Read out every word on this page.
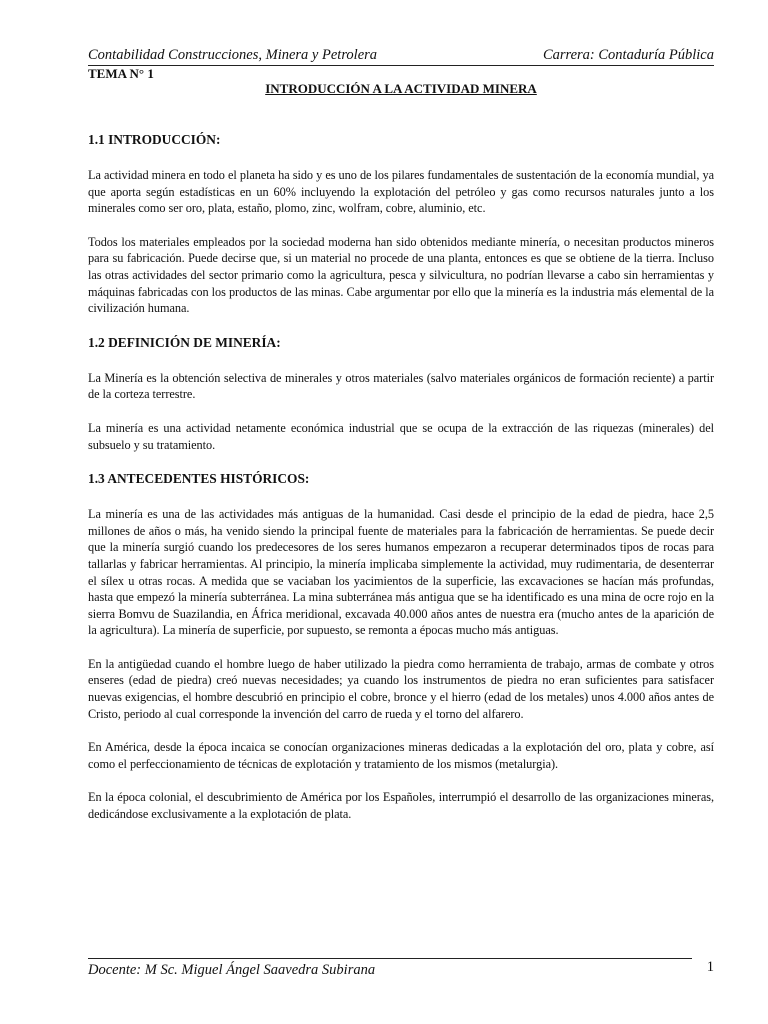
Contabilidad Construcciones, Minera y Petrolera	Carrera: Contaduría Pública
TEMA N° 1
INTRODUCCIÓN A LA ACTIVIDAD MINERA
1.1 INTRODUCCIÓN:

La actividad minera en todo el planeta ha sido y es uno de los pilares fundamentales de sustentación de la economía mundial, ya que aporta según estadísticas en un 60% incluyendo la explotación del petróleo y gas como recursos naturales junto a los minerales como ser oro, plata, estaño, plomo, zinc, wolfram, cobre, aluminio, etc.

Todos los materiales empleados por la sociedad moderna han sido obtenidos mediante minería, o necesitan productos mineros para su fabricación. Puede decirse que, si un material no procede de una planta, entonces es que se obtiene de la tierra. Incluso las otras actividades del sector primario como la agricultura, pesca y silvicultura, no podrían llevarse a cabo sin herramientas y máquinas fabricadas con los productos de las minas. Cabe argumentar por ello que la minería es la industria más elemental de la civilización humana.

1.2 DEFINICIÓN DE MINERÍA:

La Minería es la obtención selectiva de minerales y otros materiales (salvo materiales orgánicos de formación reciente) a partir de la corteza terrestre.

La minería es una actividad netamente económica industrial que se ocupa de la extracción de las riquezas (minerales) del subsuelo y su tratamiento.

1.3 ANTECEDENTES HISTÓRICOS:

La minería es una de las actividades más antiguas de la humanidad. Casi desde el principio de la edad de piedra, hace 2,5 millones de años o más, ha venido siendo la principal fuente de materiales para la fabricación de herramientas. Se puede decir que la minería surgió cuando los predecesores de los seres humanos empezaron a recuperar determinados tipos de rocas para tallarlas y fabricar herramientas. Al principio, la minería implicaba simplemente la actividad, muy rudimentaria, de desenterrar el sílex u otras rocas. A medida que se vaciaban los yacimientos de la superficie, las excavaciones se hacían más profundas, hasta que empezó la minería subterránea. La mina subterránea más antigua que se ha identificado es una mina de ocre rojo en la sierra Bomvu de Suazilandia, en África meridional, excavada 40.000 años antes de nuestra era (mucho antes de la aparición de la agricultura). La minería de superficie, por supuesto, se remonta a épocas mucho más antiguas.

En la antigüedad cuando el hombre luego de haber utilizado la piedra como herramienta de trabajo, armas de combate y otros enseres (edad de piedra) creó nuevas necesidades; ya cuando los instrumentos de piedra no eran suficientes para satisfacer nuevas exigencias, el hombre descubrió en principio el cobre, bronce y el hierro (edad de los metales) unos 4.000 años antes de Cristo, periodo al cual corresponde la invención del carro de rueda y el torno del alfarero.

En América, desde la época incaica se conocían organizaciones mineras dedicadas a la explotación del oro, plata y cobre, así como el perfeccionamiento de técnicas de explotación y tratamiento de los mismos (metalurgia).

En la época colonial, el descubrimiento de América por los Españoles, interrumpió el desarrollo de las organizaciones mineras, dedicándose exclusivamente a la explotación de plata.

Docente: M Sc. Miguel Ángel Saavedra Subirana	1
